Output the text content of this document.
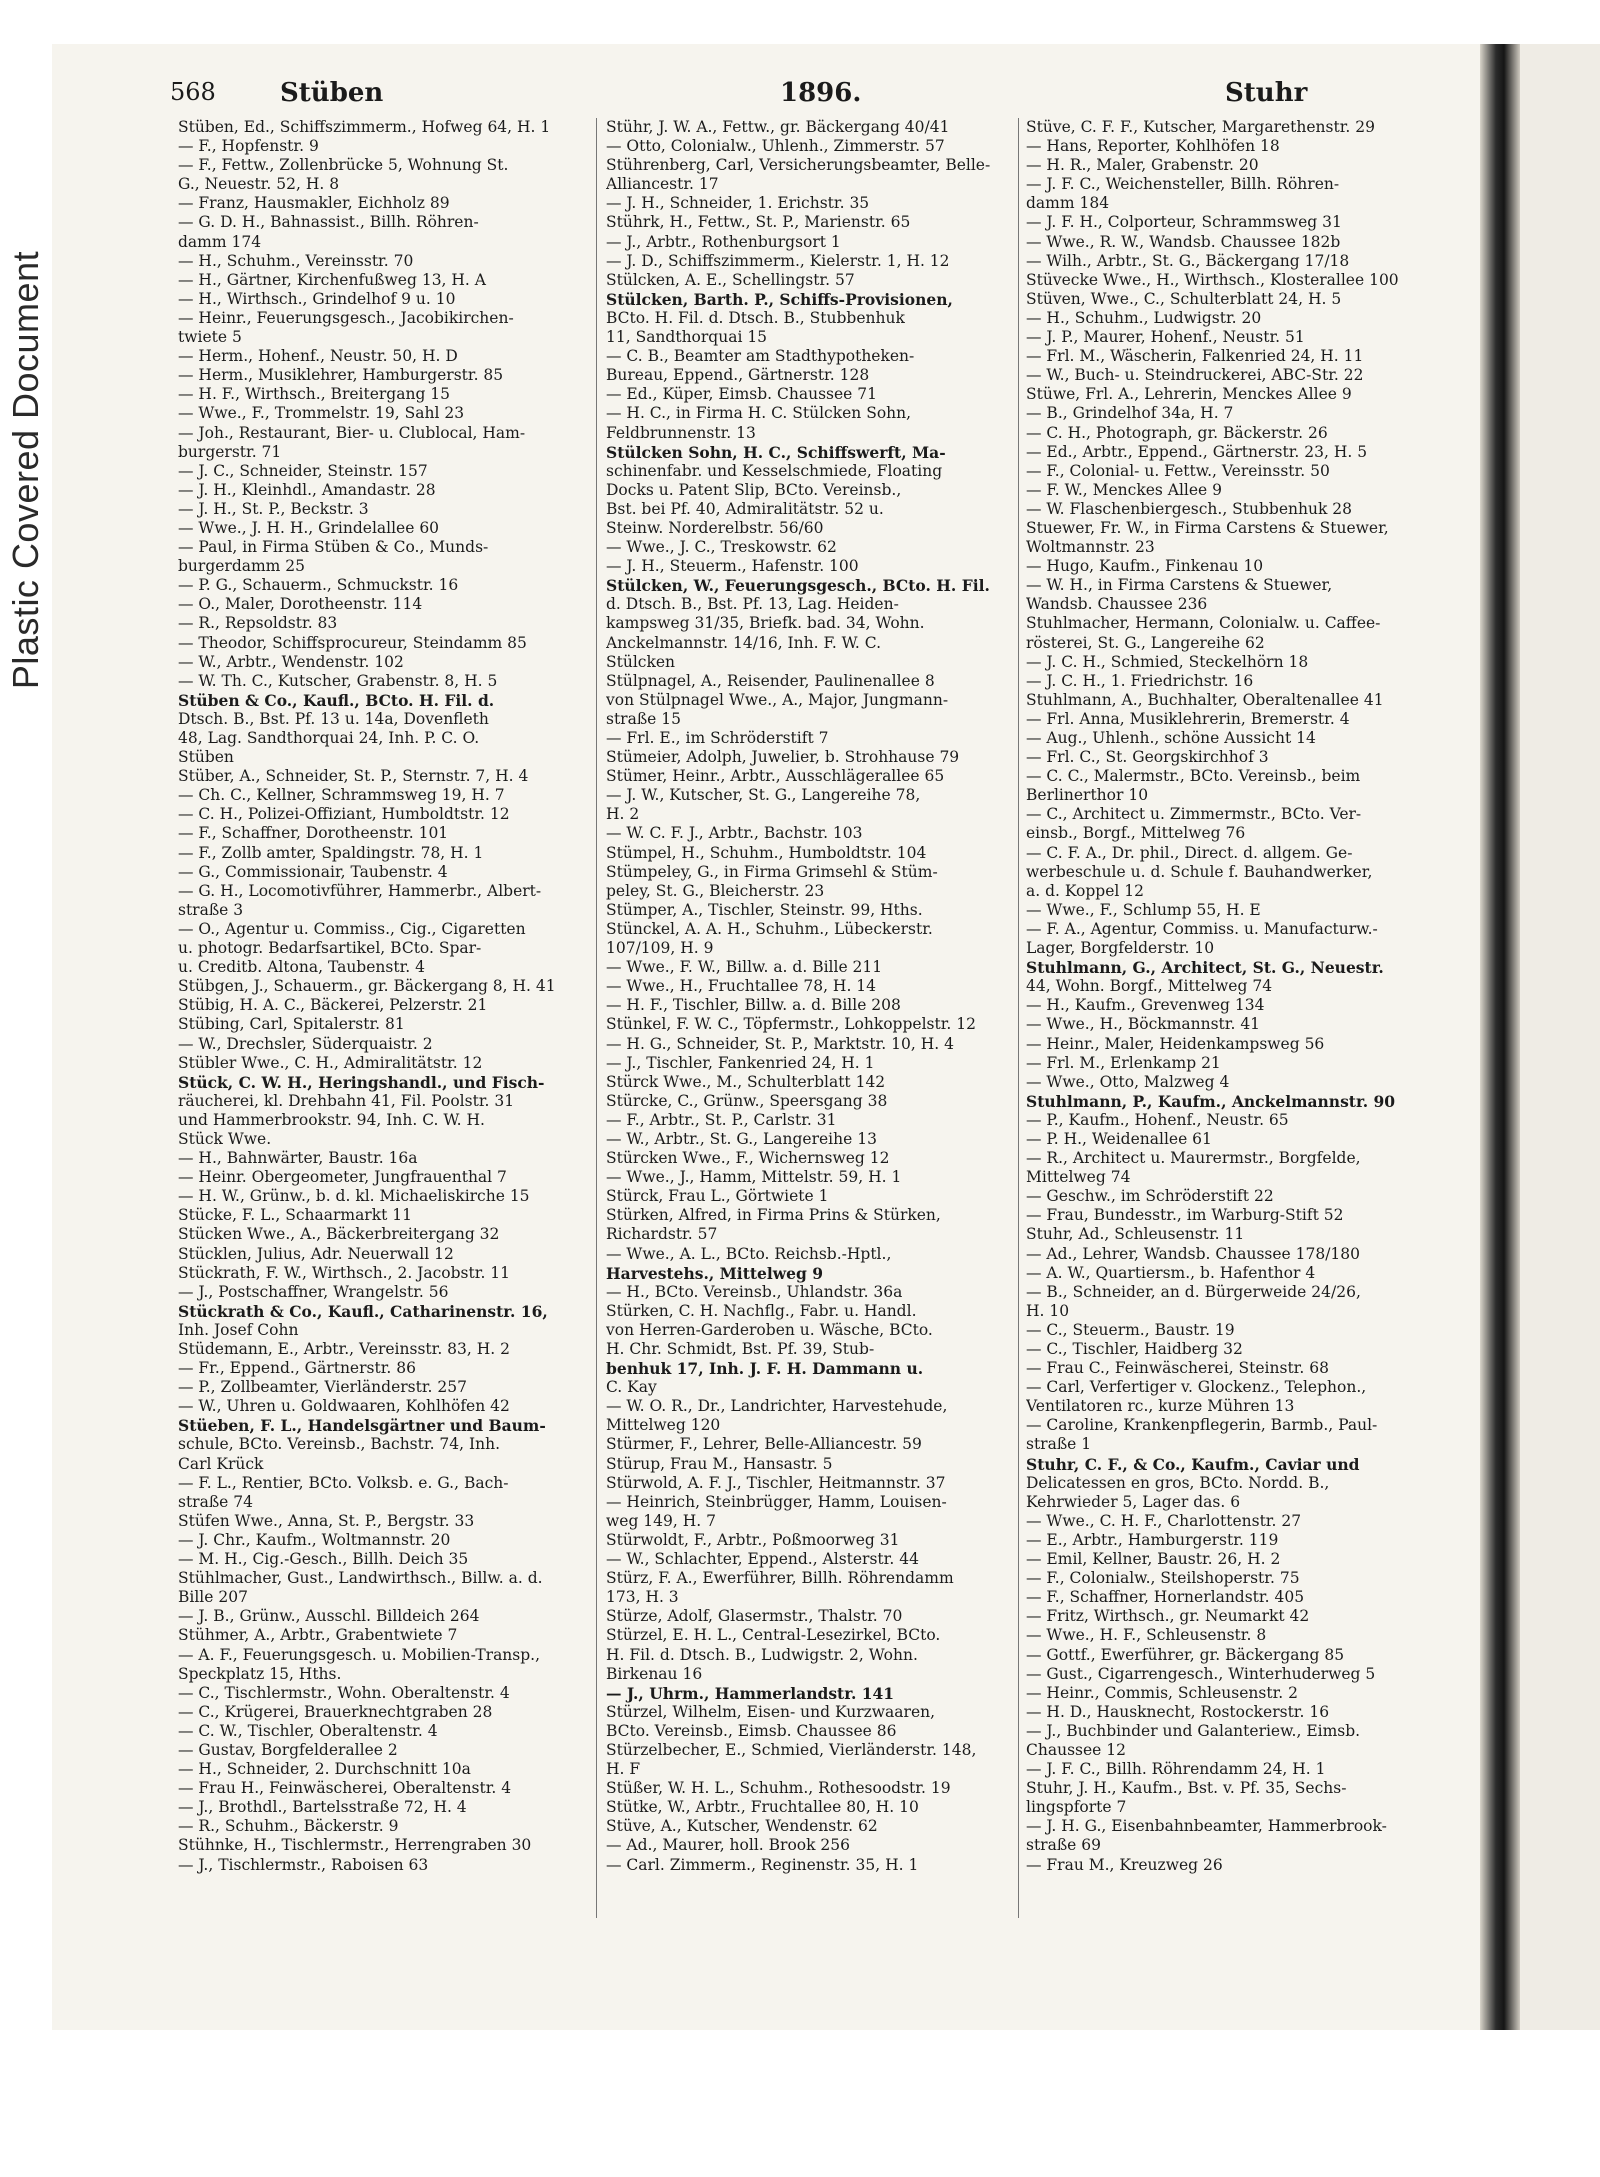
Plastic Covered Document
568 Stüben	1896.	Stuhr
Stüben, Ed., Schiffszimmerm., Hofweg 64, H. 1
— F., Hopfenstr. 9
— F., Fettw., Zollenbrücke 5, Wohnung St.
G., Neuestr. 52, H. 8
— Franz, Hausmakler, Eichholz 89
— G. D. H., Bahnassist., Billh. Röhren-
damm 174
— H., Schuhm., Vereinsstr. 70
— H., Gärtner, Kirchenfußweg 13, H. A
— H., Wirthsch., Grindelhof 9 u. 10
— Heinr., Feuerungsgesch., Jacobikirchen-
twiete 5
— Herm., Hohenf., Neustr. 50, H. D
— Herm., Musiklehrer, Hamburgerstr. 85
— H. F., Wirthsch., Breitergang 15
— Wwe., F., Trommelstr. 19, Sahl 23
— Joh., Restaurant, Bier- u. Clublocal, Ham-
burgerstr. 71
— J. C., Schneider, Steinstr. 157
— J. H., Kleinhdl., Amandastr. 28
— J. H., St. P., Beckstr. 3
— Wwe., J. H. H., Grindelallee 60
— Paul, in Firma Stüben & Co., Munds-
burgerdamm 25
— P. G., Schauerm., Schmuckstr. 16
— O., Maler, Dorotheenstr. 114
— R., Repsoldstr. 83
— Theodor, Schiffsprocureur, Steindamm 85
— W., Arbtr., Wendenstr. 102
— W. Th. C., Kutscher, Grabenstr. 8, H. 5
Stüben & Co., Kaufl., BCto. H. Fil. d.
Dtsch. B., Bst. Pf. 13 u. 14a, Dovenfleth
48, Lag. Sandthorquai 24, Inh. P. C. O.
Stüben
Stüber, A., Schneider, St. P., Sternstr. 7, H. 4
— Ch. C., Kellner, Schrammsweg 19, H. 7
— C. H., Polizei-Offiziant, Humboldtstr. 12
— F., Schaffner, Dorotheenstr. 101
— F., Zollb amter, Spaldingstr. 78, H. 1
— G., Commissionair, Taubenstr. 4
— G. H., Locomotivführer, Hammerbr., Albert-
straße 3
— O., Agentur u. Commiss., Cig., Cigaretten
u. photogr. Bedarfsartikel, BCto. Spar-
u. Creditb. Altona, Taubenstr. 4
Stübgen, J., Schauerm., gr. Bäckergang 8, H. 41
Stübig, H. A. C., Bäckerei, Pelzerstr. 21
Stübing, Carl, Spitalerstr. 81
— W., Drechsler, Süderquaistr. 2
Stübler Wwe., C. H., Admiralitätstr. 12
Stück, C. W. H., Heringshandl., und Fisch-
räucherei, kl. Drehbahn 41, Fil. Poolstr. 31
und Hammerbrookstr. 94, Inh. C. W. H.
Stück Wwe.
— H., Bahnwärter, Baustr. 16a
— Heinr. Obergeometer, Jungfrauenthal 7
— H. W., Grünw., b. d. kl. Michaeliskirche 15
Stücke, F. L., Schaarmarkt 11
Stücken Wwe., A., Bäckerbreitergang 32
Stücklen, Julius, Adr. Neuerwall 12
Stückrath, F. W., Wirthsch., 2. Jacobstr. 11
— J., Postschaffner, Wrangelstr. 56
Stückrath & Co., Kaufl., Catharinenstr. 16,
Inh. Josef Cohn
Stüdemann, E., Arbtr., Vereinsstr. 83, H. 2
— Fr., Eppend., Gärtnerstr. 86
— P., Zollbeamter, Vierländerstr. 257
— W., Uhren u. Goldwaaren, Kohlhöfen 42
Stüeben, F. L., Handelsgärtner und Baum-
schule, BCto. Vereinsb., Bachstr. 74, Inh.
Carl Krück
— F. L., Rentier, BCto. Volksb. e. G., Bach-
straße 74
Stüfen Wwe., Anna, St. P., Bergstr. 33
— J. Chr., Kaufm., Woltmannstr. 20
— M. H., Cig.-Gesch., Billh. Deich 35
Stühlmacher, Gust., Landwirthsch., Billw. a. d.
Bille 207
— J. B., Grünw., Ausschl. Billdeich 264
Stühmer, A., Arbtr., Grabentwiete 7
— A. F., Feuerungsgesch. u. Mobilien-Transp.,
Speckplatz 15, Hths.
— C., Tischlermstr., Wohn. Oberaltenstr. 4
— C., Krügerei, Brauerknechtgraben 28
— C. W., Tischler, Oberaltenstr. 4
— Gustav, Borgfelderallee 2
— H., Schneider, 2. Durchschnitt 10a
— Frau H., Feinwäscherei, Oberaltenstr. 4
— J., Brothdl., Bartelsstraße 72, H. 4
— R., Schuhm., Bäckerstr. 9
Stühnke, H., Tischlermstr., Herrengraben 30
— J., Tischlermstr., Raboisen 63
Stühr, J. W. A., Fettw., gr. Bäckergang 40/41
— Otto, Colonialw., Uhlenh., Zimmerstr. 57
Stührenberg, Carl, Versicherungsbeamter, Belle-
Alliancestr. 17
— J. H., Schneider, 1. Erichstr. 35
Stührk, H., Fettw., St. P., Marienstr. 65
— J., Arbtr., Rothenburgsort 1
— J. D., Schiffszimmerm., Kielerstr. 1, H. 12
Stülcken, A. E., Schellingstr. 57
Stülcken, Barth. P., Schiffs-Provisionen,
BCto. H. Fil. d. Dtsch. B., Stubbenhuk
11, Sandthorquai 15
— C. B., Beamter am Stadthypotheken-
Bureau, Eppend., Gärtnerstr. 128
— Ed., Küper, Eimsb. Chaussee 71
— H. C., in Firma H. C. Stülcken Sohn,
Feldbrunnenstr. 13
Stülcken Sohn, H. C., Schiffswerft, Ma-
schinenfabr. und Kesselschmiede, Floating
Docks u. Patent Slip, BCto. Vereinsb.,
Bst. bei Pf. 40, Admiralitätstr. 52 u.
Steinw. Norderelbstr. 56/60
— Wwe., J. C., Treskowstr. 62
— J. H., Steuerm., Hafenstr. 100
Stülcken, W., Feuerungsgesch., BCto. H. Fil.
d. Dtsch. B., Bst. Pf. 13, Lag. Heiden-
kampsweg 31/35, Briefk. bad. 34, Wohn.
Anckelmannstr. 14/16, Inh. F. W. C.
Stülcken
Stülpnagel, A., Reisender, Paulinenallee 8
von Stülpnagel Wwe., A., Major, Jungmann-
straße 15
— Frl. E., im Schröderstift 7
Stümeier, Adolph, Juwelier, b. Strohhause 79
Stümer, Heinr., Arbtr., Ausschlägerallee 65
— J. W., Kutscher, St. G., Langereihe 78,
H. 2
— W. C. F. J., Arbtr., Bachstr. 103
Stümpel, H., Schuhm., Humboldtstr. 104
Stümpeley, G., in Firma Grimsehl & Stüm-
peley, St. G., Bleicherstr. 23
Stümper, A., Tischler, Steinstr. 99, Hths.
Stünckel, A. A. H., Schuhm., Lübeckerstr.
107/109, H. 9
— Wwe., F. W., Billw. a. d. Bille 211
— Wwe., H., Fruchtallee 78, H. 14
— H. F., Tischler, Billw. a. d. Bille 208
Stünkel, F. W. C., Töpfermstr., Lohkoppelstr. 12
— H. G., Schneider, St. P., Marktstr. 10, H. 4
— J., Tischler, Fankenried 24, H. 1
Stürck Wwe., M., Schulterblatt 142
Stürcke, C., Grünw., Speersgang 38
— F., Arbtr., St. P., Carlstr. 31
— W., Arbtr., St. G., Langereihe 13
Stürcken Wwe., F., Wichernsweg 12
— Wwe., J., Hamm, Mittelstr. 59, H. 1
Stürck, Frau L., Görtwiete 1
Stürken, Alfred, in Firma Prins & Stürken,
Richardstr. 57
— Wwe., A. L., BCto. Reichsb.-Hptl.,
Harvestehs., Mittelweg 9
— H., BCto. Vereinsb., Uhlandstr. 36a
Stürken, C. H. Nachflg., Fabr. u. Handl.
von Herren-Garderoben u. Wäsche, BCto.
H. Chr. Schmidt, Bst. Pf. 39, Stub-
benhuk 17, Inh. J. F. H. Dammann u.
C. Kay
— W. O. R., Dr., Landrichter, Harvestehude,
Mittelweg 120
Stürmer, F., Lehrer, Belle-Alliancestr. 59
Stürup, Frau M., Hansastr. 5
Stürwold, A. F. J., Tischler, Heitmannstr. 37
— Heinrich, Steinbrügger, Hamm, Louisen-
weg 149, H. 7
Stürwoldt, F., Arbtr., Poßmoorweg 31
— W., Schlachter, Eppend., Alsterstr. 44
Stürz, F. A., Ewerführer, Billh. Röhrendamm
173, H. 3
Stürze, Adolf, Glasermstr., Thalstr. 70
Stürzel, E. H. L., Central-Lesezirkel, BCto.
H. Fil. d. Dtsch. B., Ludwigstr. 2, Wohn.
Birkenau 16
— J., Uhrm., Hammerlandstr. 141
Stürzel, Wilhelm, Eisen- und Kurzwaaren,
BCto. Vereinsb., Eimsb. Chaussee 86
Stürzelbecher, E., Schmied, Vierländerstr. 148,
H. F
Stüßer, W. H. L., Schuhm., Rothesoodstr. 19
Stütke, W., Arbtr., Fruchtallee 80, H. 10
Stüve, A., Kutscher, Wendenstr. 62
— Ad., Maurer, holl. Brook 256
— Carl. Zimmerm., Reginenstr. 35, H. 1
Stüve, C. F. F., Kutscher, Margarethenstr. 29
— Hans, Reporter, Kohlhöfen 18
— H. R., Maler, Grabenstr. 20
— J. F. C., Weichensteller, Billh. Röhren-
damm 184
— J. F. H., Colporteur, Schrammsweg 31
— Wwe., R. W., Wandsb. Chaussee 182b
— Wilh., Arbtr., St. G., Bäckergang 17/18
Stüvecke Wwe., H., Wirthsch., Klosterallee 100
Stüven, Wwe., C., Schulterblatt 24, H. 5
— H., Schuhm., Ludwigstr. 20
— J. P., Maurer, Hohenf., Neustr. 51
— Frl. M., Wäscherin, Falkenried 24, H. 11
— W., Buch- u. Steindruckerei, ABC-Str. 22
Stüwe, Frl. A., Lehrerin, Menckes Allee 9
— B., Grindelhof 34a, H. 7
— C. H., Photograph, gr. Bäckerstr. 26
— Ed., Arbtr., Eppend., Gärtnerstr. 23, H. 5
— F., Colonial- u. Fettw., Vereinsstr. 50
— F. W., Menckes Allee 9
— W. Flaschenbiergesch., Stubbenhuk 28
Stuewer, Fr. W., in Firma Carstens & Stuewer,
Woltmannstr. 23
— Hugo, Kaufm., Finkenau 10
— W. H., in Firma Carstens & Stuewer,
Wandsb. Chaussee 236
Stuhlmacher, Hermann, Colonialw. u. Caffee-
rösterei, St. G., Langereihe 62
— J. C. H., Schmied, Steckelhörn 18
— J. C. H., 1. Friedrichstr. 16
Stuhlmann, A., Buchhalter, Oberaltenallee 41
— Frl. Anna, Musiklehrerin, Bremerstr. 4
— Aug., Uhlenh., schöne Aussicht 14
— Frl. C., St. Georgskirchhof 3
— C. C., Malermstr., BCto. Vereinsb., beim
Berlinerthor 10
— C., Architect u. Zimmermstr., BCto. Ver-
einsb., Borgf., Mittelweg 76
— C. F. A., Dr. phil., Direct. d. allgem. Ge-
werbeschule u. d. Schule f. Bauhandwerker,
a. d. Koppel 12
— Wwe., F., Schlump 55, H. E
— F. A., Agentur, Commiss. u. Manufacturw.-
Lager, Borgfelderstr. 10
Stuhlmann, G., Architect, St. G., Neuestr.
44, Wohn. Borgf., Mittelweg 74
— H., Kaufm., Grevenweg 134
— Wwe., H., Böckmannstr. 41
— Heinr., Maler, Heidenkampsweg 56
— Frl. M., Erlenkamp 21
— Wwe., Otto, Malzweg 4
Stuhlmann, P., Kaufm., Anckelmannstr. 90
— P., Kaufm., Hohenf., Neustr. 65
— P. H., Weidenallee 61
— R., Architect u. Maurermstr., Borgfelde,
Mittelweg 74
— Geschw., im Schröderstift 22
— Frau, Bundesstr., im Warburg-Stift 52
Stuhr, Ad., Schleusenstr. 11
— Ad., Lehrer, Wandsb. Chaussee 178/180
— A. W., Quartiersm., b. Hafenthor 4
— B., Schneider, an d. Bürgerweide 24/26,
H. 10
— C., Steuerm., Baustr. 19
— C., Tischler, Haidberg 32
— Frau C., Feinwäscherei, Steinstr. 68
— Carl, Verfertiger v. Glockenz., Telephon.,
Ventilatoren rc., kurze Mühren 13
— Caroline, Krankenpflegerin, Barmb., Paul-
straße 1
Stuhr, C. F., & Co., Kaufm., Caviar und
Delicatessen en gros, BCto. Nordd. B.,
Kehrwieder 5, Lager das. 6
— Wwe., C. H. F., Charlottenstr. 27
— E., Arbtr., Hamburgerstr. 119
— Emil, Kellner, Baustr. 26, H. 2
— F., Colonialw., Steilshoperstr. 75
— F., Schaffner, Hornerlandstr. 405
— Fritz, Wirthsch., gr. Neumarkt 42
— Wwe., H. F., Schleusenstr. 8
— Gottf., Ewerführer, gr. Bäckergang 85
— Gust., Cigarrengesch., Winterhuderweg 5
— Heinr., Commis, Schleusenstr. 2
— H. D., Hausknecht, Rostockerstr. 16
— J., Buchbinder und Galanteriew., Eimsb.
Chaussee 12
— J. F. C., Billh. Röhrendamm 24, H. 1
Stuhr, J. H., Kaufm., Bst. v. Pf. 35, Sechs-
lingspforte 7
— J. H. G., Eisenbahnbeamter, Hammerbrook-
straße 69
— Frau M., Kreuzweg 26
